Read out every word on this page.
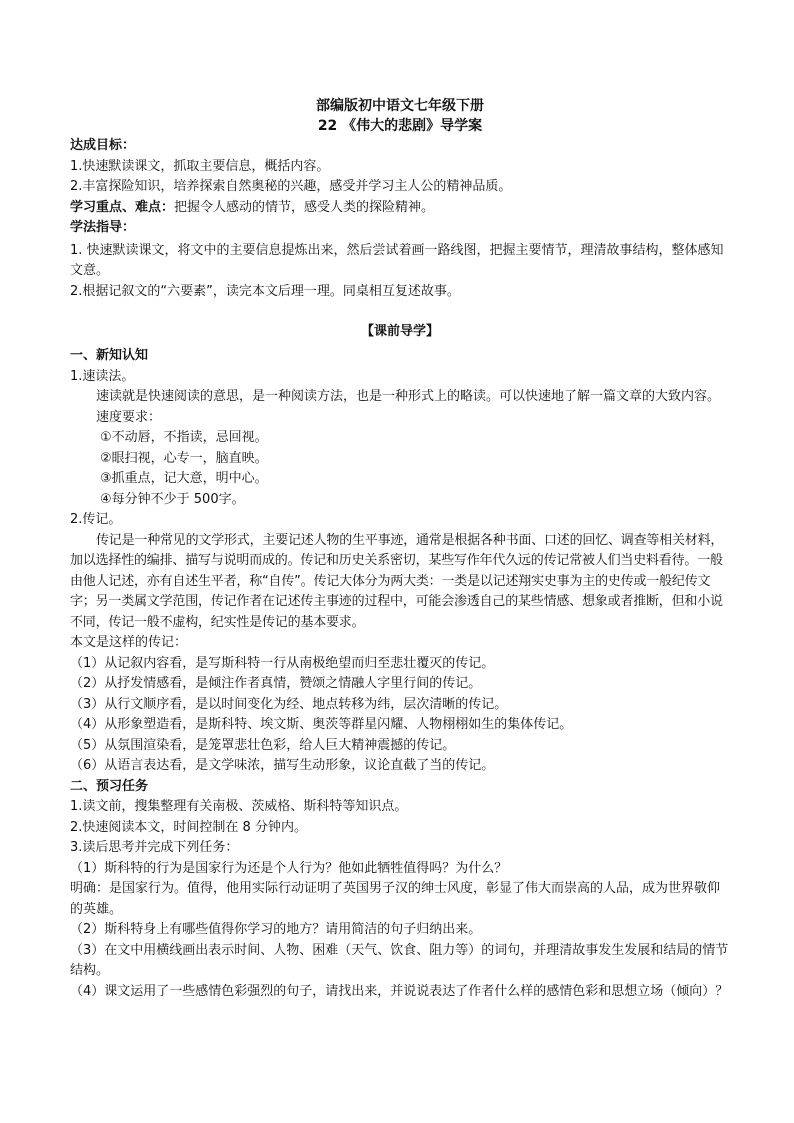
部编版初中语文七年级下册
22 《伟大的悲剧》导学案
达成目标：
1.快速默读课文，抓取主要信息，概括内容。
2.丰富探险知识，培养探索自然奥秘的兴趣，感受并学习主人公的精神品质。
学习重点、难点：把握令人感动的情节，感受人类的探险精神。
学法指导：
1. 快速默读课文，将文中的主要信息提炼出来，然后尝试着画一路线图，把握主要情节，理清故事结构，整体感知文意。
2.根据记叙文的“六要素”，读完本文后理一理。同桌相互复述故事。
【课前导学】
一、新知认知
1.速读法。
速读就是快速阅读的意思，是一种阅读方法，也是一种形式上的略读。可以快速地了解一篇文章的大致内容。
速度要求：
①不动唇，不指读，忌回视。
②眼扫视，心专一，脑直映。
③抓重点，记大意，明中心。
④每分钟不少于 500字。
2.传记。
传记是一种常见的文学形式，主要记述人物的生平事迹，通常是根据各种书面、口述的回忆、调查等相关材料，加以选择性的编排、描写与说明而成的。传记和历史关系密切，某些写作年代久远的传记常被人们当史料看待。一般由他人记述，亦有自述生平者，称“自传”。传记大体分为两大类：一类是以记述翔实史事为主的史传或一般纪传文字；另一类属文学范围，传记作者在记述传主事迹的过程中，可能会渗透自己的某些情感、想象或者推断，但和小说不同，传记一般不虚构，纪实性是传记的基本要求。
本文是这样的传记：
（1）从记叙内容看，是写斯科特一行从南极绝望而归至悲壮覆灭的传记。
（2）从抒发情感看，是倾注作者真情，赞颂之情融人字里行间的传记。
（3）从行文顺序看，是以时间变化为经、地点转移为纬，层次清晰的传记。
（4）从形象塑造看，是斯科特、埃文斯、奥茨等群星闪耀、人物栩栩如生的集体传记。
（5）从氛围渲染看，是笼罩悲壮色彩，给人巨大精神震撼的传记。
（6）从语言表达看，是文学味浓，描写生动形象，议论直截了当的传记。
二、预习任务
1.读文前，搜集整理有关南极、茨威格、斯科特等知识点。
2.快速阅读本文，时间控制在 8 分钟内。
3.读后思考并完成下列任务：
（1）斯科特的行为是国家行为还是个人行为？他如此牺牲值得吗？为什么？
明确：是国家行为。值得，他用实际行动证明了英国男子汉的绅士风度，彰显了伟大而崇高的人品，成为世界敬仰的英雄。
（2）斯科特身上有哪些值得你学习的地方？请用简洁的句子归纳出来。
（3）在文中用横线画出表示时间、人物、困难（天气、饮食、阻力等）的词句，并理清故事发生发展和结局的情节结构。
（4）课文运用了一些感情色彩强烈的句子，请找出来，并说说表达了作者什么样的感情色彩和思想立场（倾向）？
